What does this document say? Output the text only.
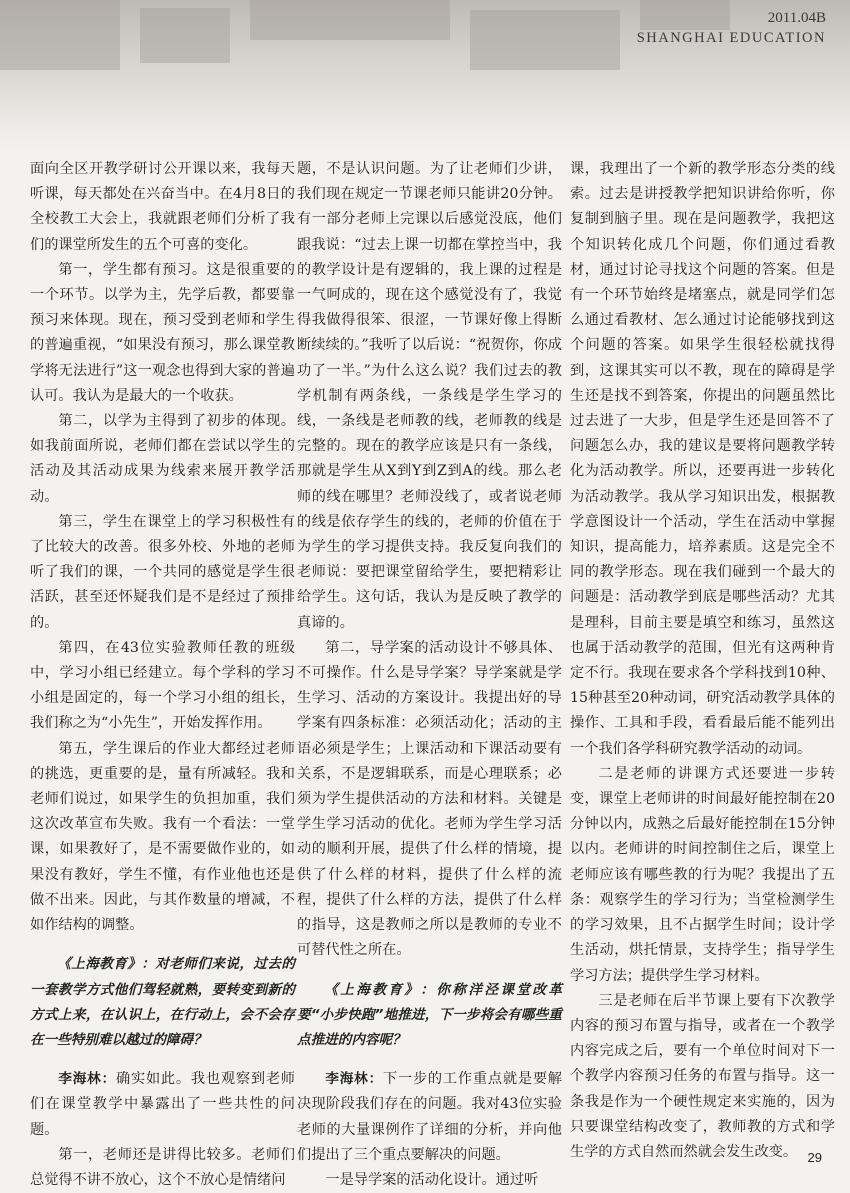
2011.04B
SHANGHAI EDUCATION

面向全区开教学研讨公开课以来，我每天听课，每天都处在兴奋当中。在4月8日的全校教工大会上，我就跟老师们分析了我们的课堂所发生的五个可喜的变化。

第一，学生都有预习。这是很重要的一个环节。以学为主，先学后教，都要靠预习来体现。现在，预习受到老师和学生的普遍重视，“如果没有预习，那么课堂教学将无法进行”这一观念也得到大家的普遍认可。我认为是最大的一个收获。

第二，以学为主得到了初步的体现。如我前面所说，老师们都在尝试以学生的活动及其活动成果为线索来展开教学活动。

第三，学生在课堂上的学习积极性有了比较大的改善。很多外校、外地的老师听了我们的课，一个共同的感觉是学生很活跃，甚至还怀疑我们是不是经过了预排的。

第四，在43位实验教师任教的班级中，学习小组已经建立。每个学科的学习小组是固定的，每一个学习小组的组长，我们称之为“小先生”，开始发挥作用。

第五，学生课后的作业大都经过老师的挑选，更重要的是，量有所减轻。我和老师们说过，如果学生的负担加重，我们这次改革宣布失败。我有一个看法：一堂课，如果教好了，是不需要做作业的，如果没有教好，学生不懂，有作业他也还是做不出来。因此，与其作数量的增减，不如作结构的调整。

《上海教育》：对老师们来说，过去的一套教学方式他们驾轻就熟，要转变到新的方式上来，在认识上，在行动上，会不会存在一些特别难以越过的障碍？

李海林：确实如此。我也观察到老师们在课堂教学中暴露出了一些共性的问题。

第一，老师还是讲得比较多。老师们总觉得不讲不放心，这个不放心是情绪问

题，不是认识问题。为了让老师们少讲，我们现在规定一节课老师只能讲20分钟。有一部分老师上完课以后感觉没底，他们跟我说：“过去上课一切都在掌控当中，我的教学设计是有逻辑的，我上课的过程是一气呵成的，现在这个感觉没有了，我觉得我做得很笨、很涩，一节课好像上得断断续续的。”我听了以后说：“祝贺你，你成功了一半。”为什么这么说？我们过去的教学机制有两条线，一条线是学生学习的线，一条线是老师教的线，老师教的线是完整的。现在的教学应该是只有一条线，那就是学生从X到Y到Z到A的线。那么老师的线在哪里？老师没线了，或者说老师的线是依存学生的线的，老师的价值在于为学生的学习提供支持。我反复向我们的老师说：要把课堂留给学生，要把精彩让给学生。这句话，我认为是反映了教学的真谛的。

第二，导学案的活动设计不够具体、不可操作。什么是导学案？导学案就是学生学习、活动的方案设计。我提出好的导学案有四条标准：必须活动化；活动的主语必须是学生；上课活动和下课活动要有关系，不是逻辑联系，而是心理联系；必须为学生提供活动的方法和材料。关键是学生学习活动的优化。老师为学生学习活动的顺利开展，提供了什么样的情境，提供了什么样的材料，提供了什么样的流程，提供了什么样的方法，提供了什么样的指导，这是教师之所以是教师的专业不可替代性之所在。

《上海教育》：你称洋泾课堂改革要“小步快跑”地推进，下一步将会有哪些重点推进的内容呢？

李海林：下一步的工作重点就是要解决现阶段我们存在的问题。我对43位实验老师的大量课例作了详细的分析，并向他们提出了三个重点要解决的问题。

一是导学案的活动化设计。通过听

课，我理出了一个新的教学形态分类的线索。过去是讲授教学把知识讲给你听，你复制到脑子里。现在是问题教学，我把这个知识转化成几个问题，你们通过看教材，通过讨论寻找这个问题的答案。但是有一个环节始终是堵塞点，就是同学们怎么通过看教材、怎么通过讨论能够找到这个问题的答案。如果学生很轻松就找得到，这课其实可以不教，现在的障碍是学生还是找不到答案，你提出的问题虽然比过去进了一大步，但是学生还是回答不了问题怎么办，我的建议是要将问题教学转化为活动教学。所以，还要再进一步转化为活动教学。我从学习知识出发，根据教学意图设计一个活动，学生在活动中掌握知识，提高能力，培养素质。这是完全不同的教学形态。现在我们碰到一个最大的问题是：活动教学到底是哪些活动？尤其是理科，目前主要是填空和练习，虽然这也属于活动教学的范围，但光有这两种肯定不行。我现在要求各个学科找到10种、15种甚至20种动词，研究活动教学具体的操作、工具和手段，看看最后能不能列出一个我们各学科研究教学活动的动词。

二是老师的讲课方式还要进一步转变，课堂上老师讲的时间最好能控制在20分钟以内，成熟之后最好能控制在15分钟以内。老师讲的时间控制住之后，课堂上老师应该有哪些教的行为呢？我提出了五条：观察学生的学习行为；当堂检测学生的学习效果，且不占据学生时间；设计学生活动，烘托情景，支持学生；指导学生学习方法；提供学生学习材料。

三是老师在后半节课上要有下次教学内容的预习布置与指导，或者在一个教学内容完成之后，要有一个单位时间对下一个教学内容预习任务的布置与指导。这一条我是作为一个硬性规定来实施的，因为只要课堂结构改变了，教师教的方式和学生学的方式自然而然就会发生改变。 29
